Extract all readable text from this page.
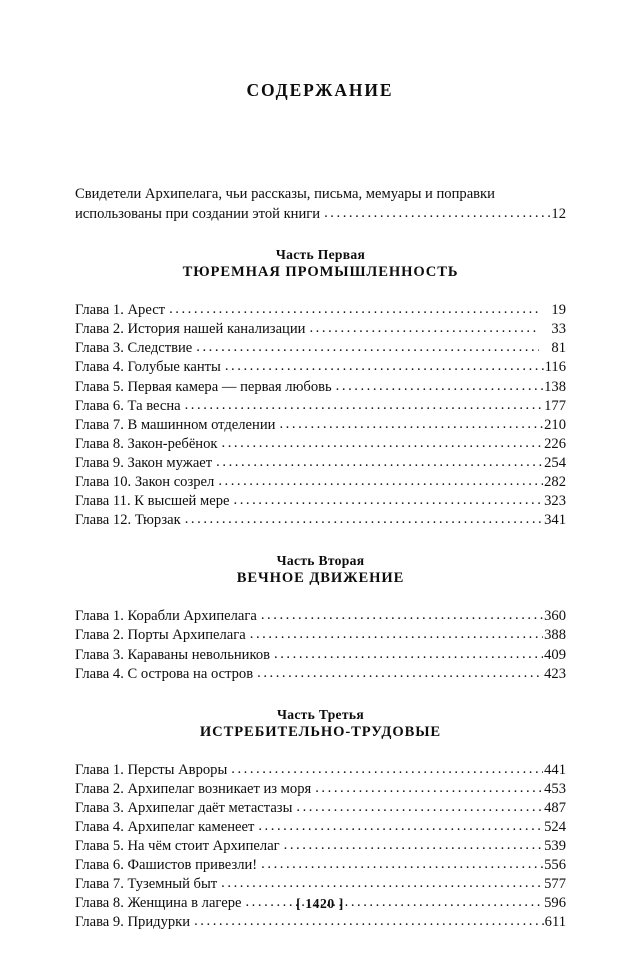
СОДЕРЖАНИЕ
Свидетели Архипелага, чьи рассказы, письма, мемуары и поправки
использованы при создании этой книги .....	12
Часть Первая
ТЮРЕМНАЯ ПРОМЫШЛЕННОСТЬ
Глава 1. Арест .....	19
Глава 2. История нашей канализации .....	33
Глава 3. Следствие .....	81
Глава 4. Голубые канты .....	116
Глава 5. Первая камера — первая любовь .....	138
Глава 6. Та весна .....	177
Глава 7. В машинном отделении .....	210
Глава 8. Закон-ребёнок .....	226
Глава 9. Закон мужает .....	254
Глава 10. Закон созрел .....	282
Глава 11. К высшей мере .....	323
Глава 12. Тюрзак .....	341
Часть Вторая
ВЕЧНОЕ ДВИЖЕНИЕ
Глава 1. Корабли Архипелага .....	360
Глава 2. Порты Архипелага .....	388
Глава 3. Караваны невольников .....	409
Глава 4. С острова на остров .....	423
Часть Третья
ИСТРЕБИТЕЛЬНО-ТРУДОВЫЕ
Глава 1. Персты Авроры .....	441
Глава 2. Архипелаг возникает из моря .....	453
Глава 3. Архипелаг даёт метастазы .....	487
Глава 4. Архипелаг каменеет .....	524
Глава 5. На чём стоит Архипелаг .....	539
Глава 6. Фашистов привезли! .....	556
Глава 7. Туземный быт .....	577
Глава 8. Женщина в лагере .....	596
Глава 9. Придурки .....	611
[ 1420 ]
